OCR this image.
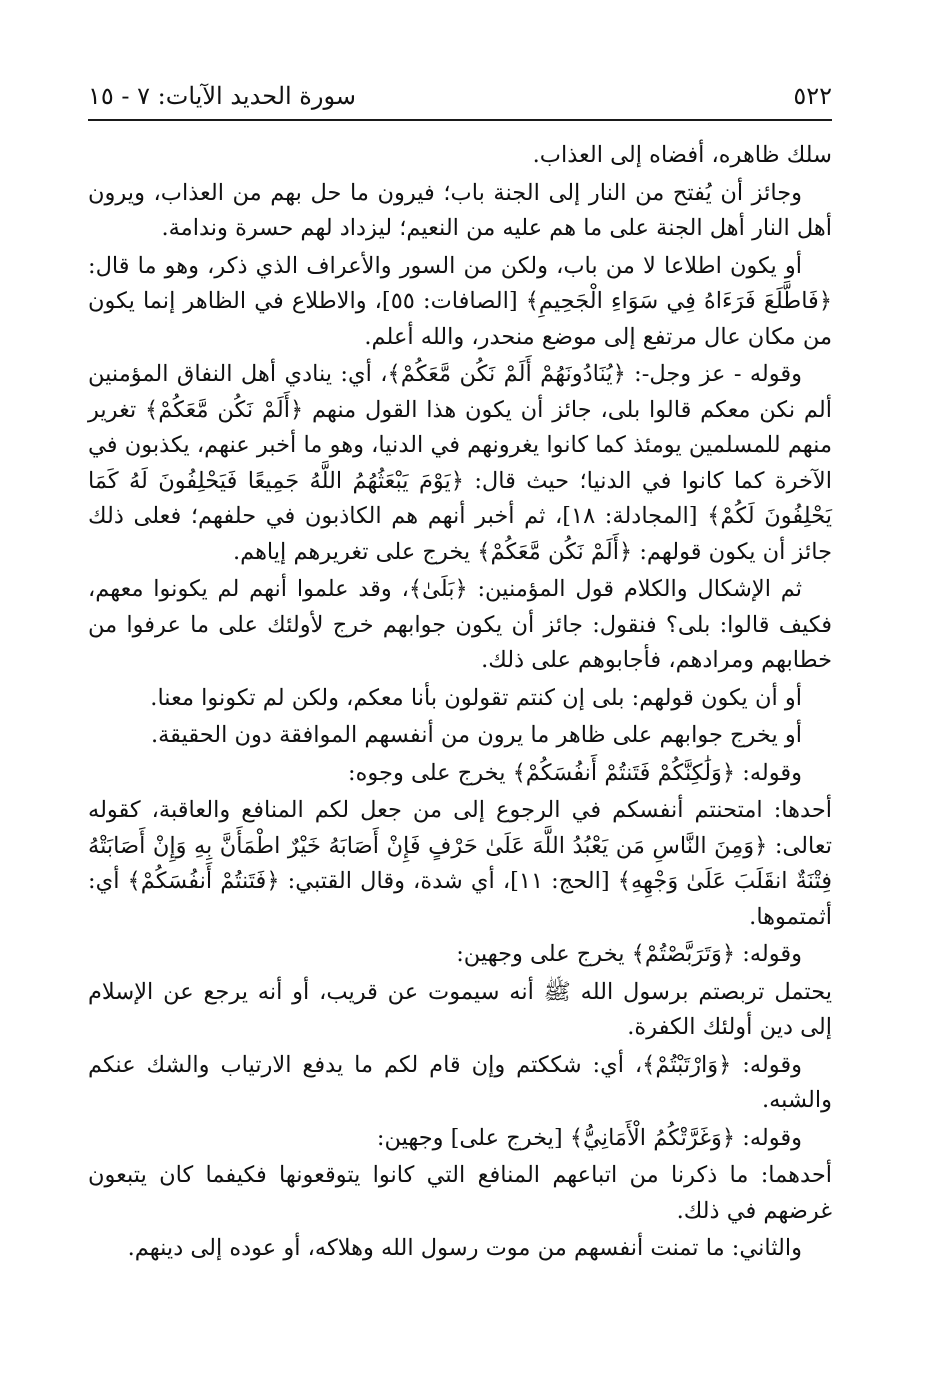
٥٢٢
سورة الحديد الآيات: ٧ - ١٥

سلك ظاهره، أفضاه إلى العذاب.

وجائز أن يُفتح من النار إلى الجنة باب؛ فيرون ما حل بهم من العذاب، ويرون أهل النار أهل الجنة على ما هم عليه من النعيم؛ ليزداد لهم حسرة وندامة.

أو يكون اطلاعا لا من باب، ولكن من السور والأعراف الذي ذكر، وهو ما قال: ﴿فَاطَّلَعَ فَرَءَاهُ فِي سَوَاءِ الْجَحِيمِ﴾ [الصافات: ٥٥]، والاطلاع في الظاهر إنما يكون من مكان عال مرتفع إلى موضع منحدر، والله أعلم.

وقوله - عز وجل-: ﴿يُنَادُونَهُمْ أَلَمْ نَكُن مَّعَكُمْ﴾، أي: ينادي أهل النفاق المؤمنين ألم نكن معكم قالوا بلى، جائز أن يكون هذا القول منهم ﴿أَلَمْ نَكُن مَّعَكُمْ﴾ تغرير منهم للمسلمين يومئذ كما كانوا يغرونهم في الدنيا، وهو ما أخبر عنهم، يكذبون في الآخرة كما كانوا في الدنيا؛ حيث قال: ﴿يَوْمَ يَبْعَثُهُمُ اللَّهُ جَمِيعًا فَيَحْلِفُونَ لَهُ كَمَا يَحْلِفُونَ لَكُمْ﴾ [المجادلة: ١٨]، ثم أخبر أنهم هم الكاذبون في حلفهم؛ فعلى ذلك جائز أن يكون قولهم: ﴿أَلَمْ نَكُن مَّعَكُمْ﴾ يخرج على تغريرهم إياهم.

ثم الإشكال والكلام قول المؤمنين: ﴿بَلَىٰ﴾، وقد علموا أنهم لم يكونوا معهم، فكيف قالوا: بلى؟ فنقول: جائز أن يكون جوابهم خرج لأولئك على ما عرفوا من خطابهم ومرادهم، فأجابوهم على ذلك.

أو أن يكون قولهم: بلى إن كنتم تقولون بأنا معكم، ولكن لم تكونوا معنا.

أو يخرج جوابهم على ظاهر ما يرون من أنفسهم الموافقة دون الحقيقة.

وقوله: ﴿وَلَٰكِنَّكُمْ فَتَنتُمْ أَنفُسَكُمْ﴾ يخرج على وجوه:

أحدها: امتحنتم أنفسكم في الرجوع إلى من جعل لكم المنافع والعاقبة، كقوله تعالى: ﴿وَمِنَ النَّاسِ مَن يَعْبُدُ اللَّهَ عَلَىٰ حَرْفٍ فَإِنْ أَصَابَهُ خَيْرٌ اطْمَأَنَّ بِهِ وَإِنْ أَصَابَتْهُ فِتْنَةٌ انقَلَبَ عَلَىٰ وَجْهِهِ﴾ [الحج: ١١]، أي شدة، وقال القتبي: ﴿فَتَنتُمْ أَنفُسَكُمْ﴾ أي: أثمتموها.

وقوله: ﴿وَتَرَبَّصْتُمْ﴾ يخرج على وجهين:

يحتمل تربصتم برسول الله ﷺ أنه سيموت عن قريب، أو أنه يرجع عن الإسلام إلى دين أولئك الكفرة.

وقوله: ﴿وَارْتَبْتُمْ﴾، أي: شككتم وإن قام لكم ما يدفع الارتياب والشك عنكم والشبه.

وقوله: ﴿وَغَرَّتْكُمُ الْأَمَانِيُّ﴾ [يخرج على] وجهين:

أحدهما: ما ذكرنا من اتباعهم المنافع التي كانوا يتوقعونها فكيفما كان يتبعون غرضهم في ذلك.

والثاني: ما تمنت أنفسهم من موت رسول الله وهلاكه، أو عوده إلى دينهم.
